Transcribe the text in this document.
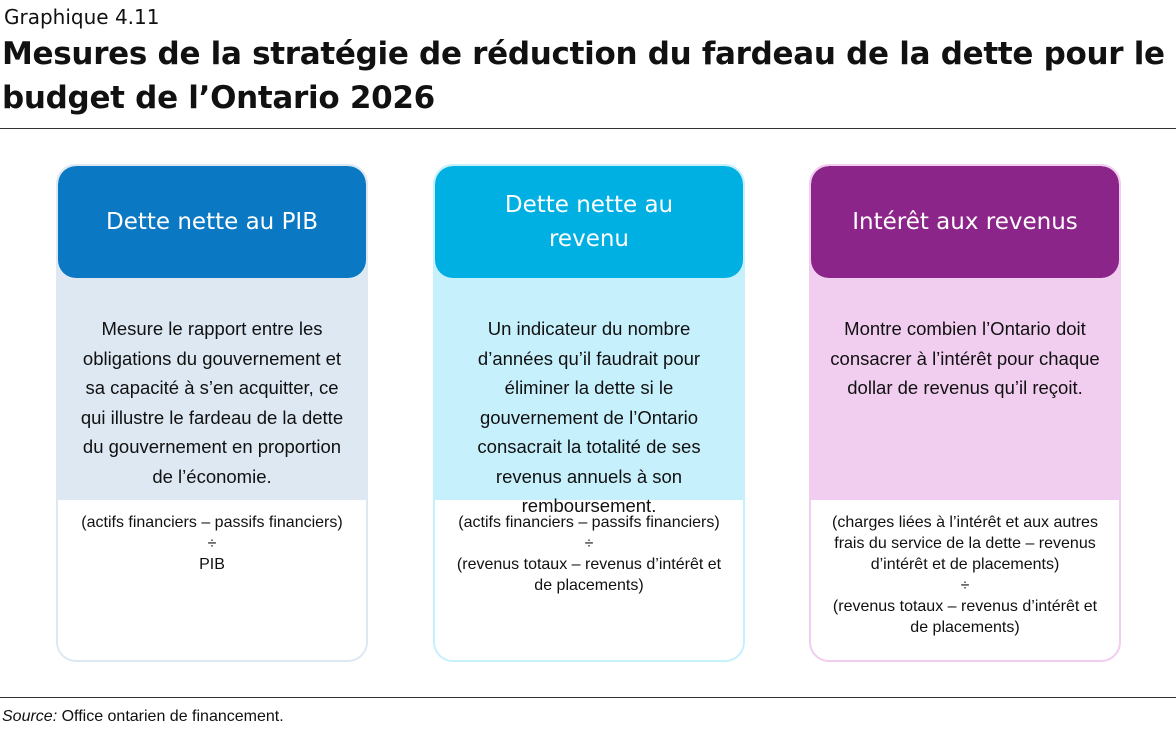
Graphique 4.11
Mesures de la stratégie de réduction du fardeau de la dette pour le budget de l’Ontario 2026
Dette nette au PIB
Mesure le rapport entre les obligations du gouvernement et sa capacité à s’en acquitter, ce qui illustre le fardeau de la dette du gouvernement en proportion de l’économie.
(actifs financiers – passifs financiers)
÷
PIB
Dette nette au revenu
Un indicateur du nombre d’années qu’il faudrait pour éliminer la dette si le gouvernement de l’Ontario consacrait la totalité de ses revenus annuels à son remboursement.
(actifs financiers – passifs financiers)
÷
(revenus totaux – revenus d’intérêt et de placements)
Intérêt aux revenus
Montre combien l’Ontario doit consacrer à l’intérêt pour chaque dollar de revenus qu’il reçoit.
(charges liées à l’intérêt et aux autres frais du service de la dette – revenus d’intérêt et de placements)
÷
(revenus totaux – revenus d’intérêt et de placements)
Source: Office ontarien de financement.
